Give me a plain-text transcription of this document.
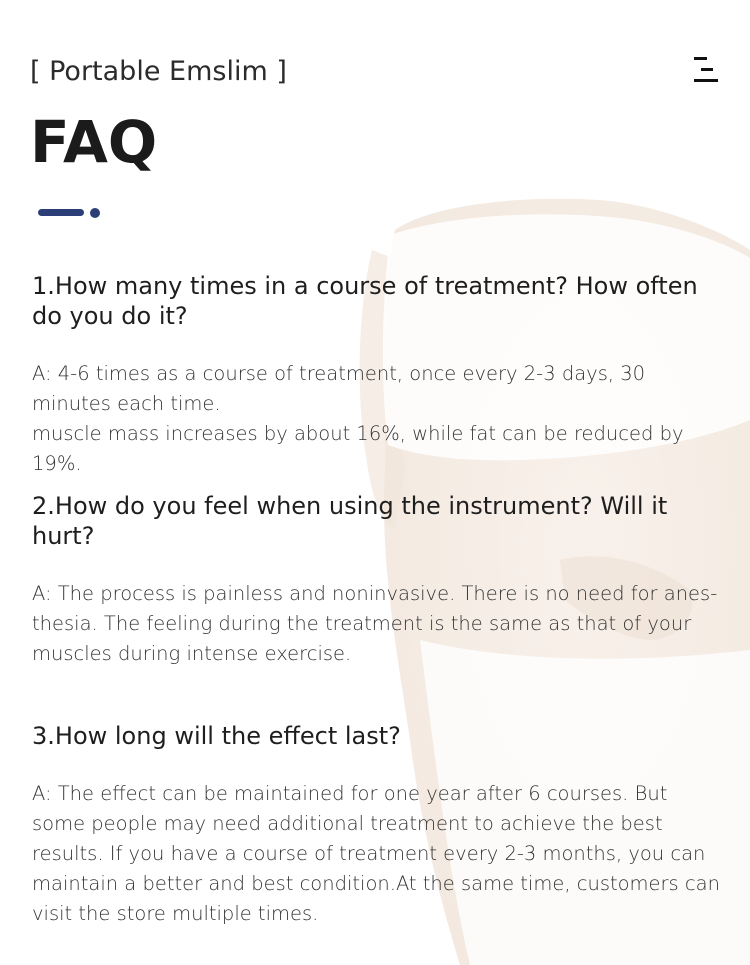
[ Portable Emslim ]
FAQ

1.How many times in a course of treatment? How often do you do it?

A: 4-6 times as a course of treatment, once every 2-3 days, 30 minutes each time.
muscle mass increases by about 16%, while fat can be reduced by 19%.

2.How do you feel when using the instrument? Will it hurt?

A: The process is painless and noninvasive. There is no need for anes-thesia. The feeling during the treatment is the same as that of your muscles during intense exercise.

3.How long will the effect last?

A: The effect can be maintained for one year after 6 courses. But some people may need additional treatment to achieve the best results. If you have a course of treatment every 2-3 months, you can maintain a better and best condition.At the same time, customers can visit the store multiple times.
